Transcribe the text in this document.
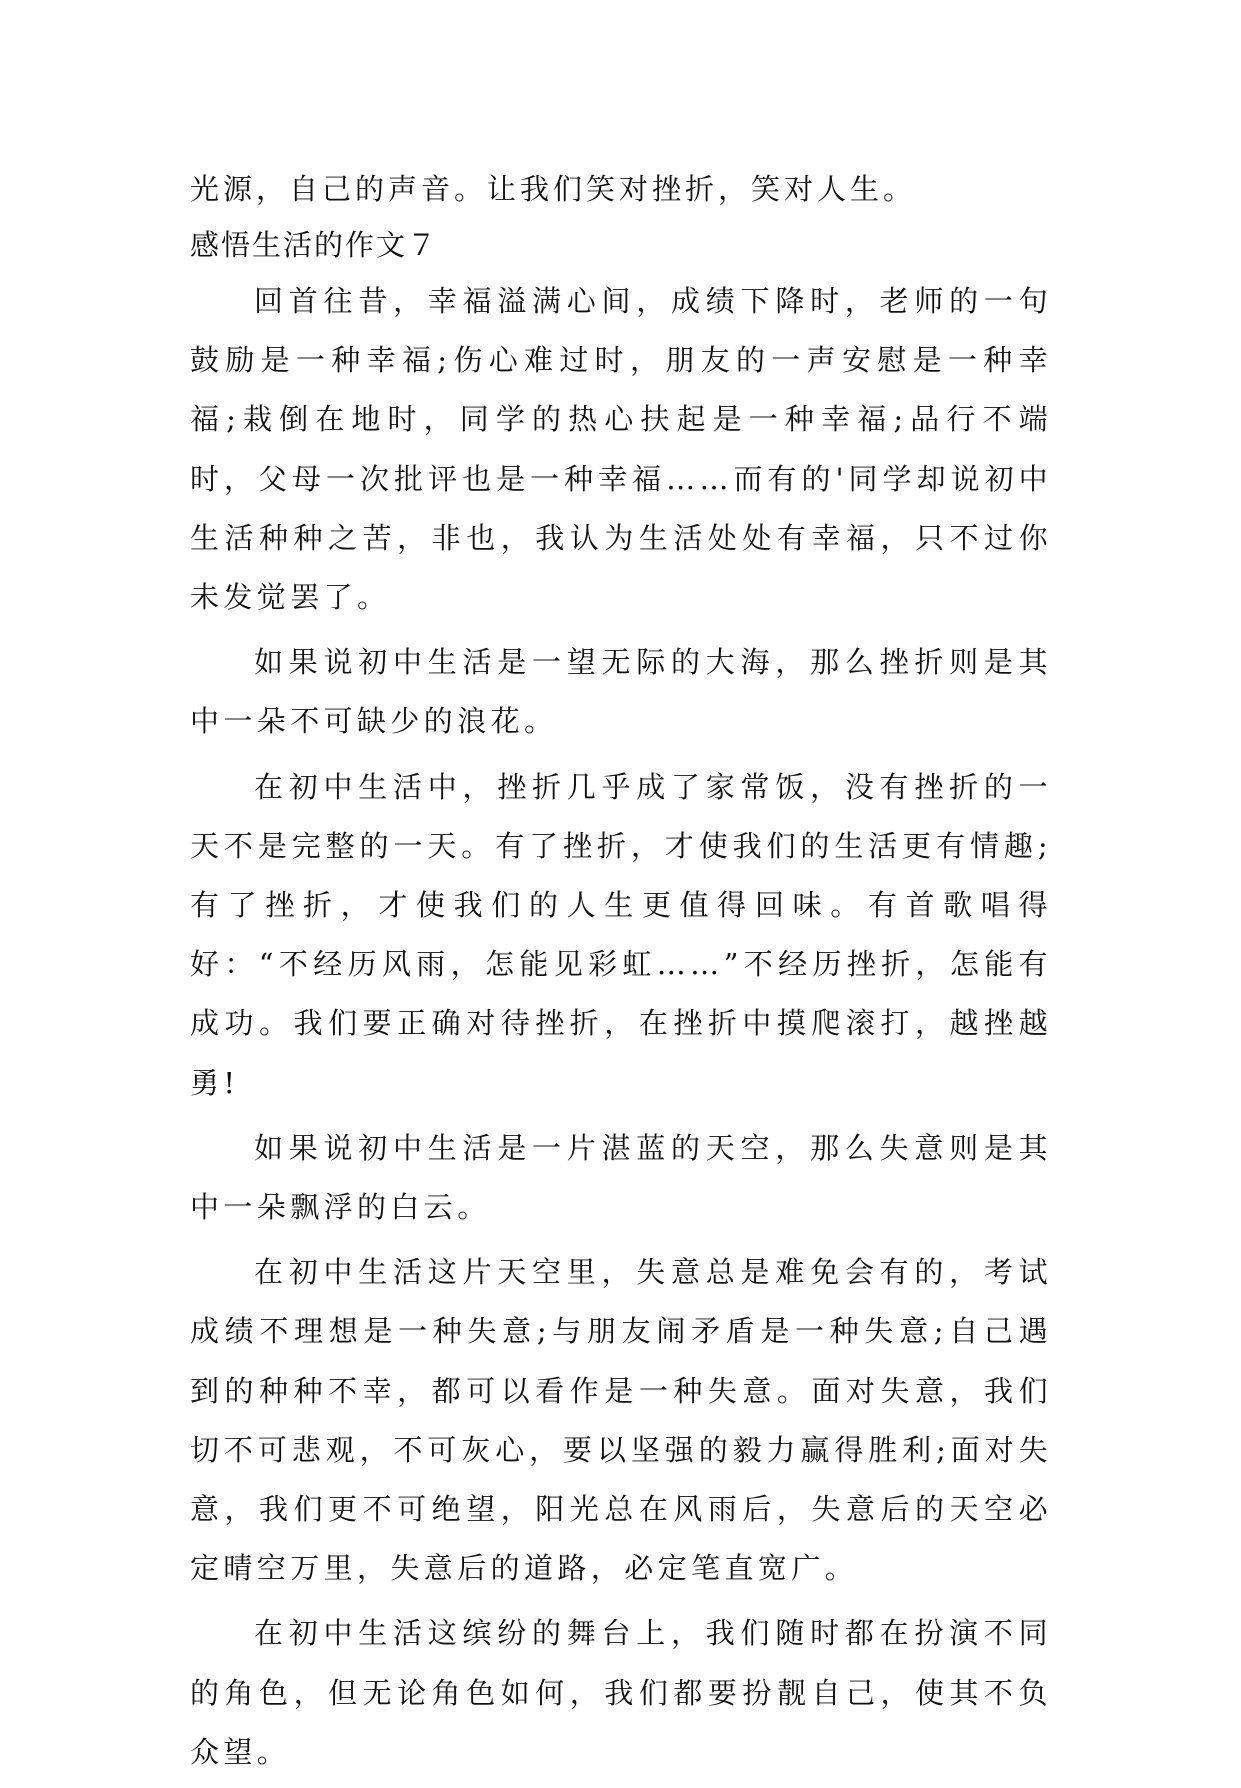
光源，自己的声音。让我们笑对挫折，笑对人生。
感悟生活的作文７

回首往昔，幸福溢满心间，成绩下降时，老师的一句鼓励是一种幸福;伤心难过时，朋友的一声安慰是一种幸福;栽倒在地时，同学的热心扶起是一种幸福;品行不端时，父母一次批评也是一种幸福……而有的'同学却说初中生活种种之苦，非也，我认为生活处处有幸福，只不过你未发觉罢了。

如果说初中生活是一望无际的大海，那么挫折则是其中一朵不可缺少的浪花。

在初中生活中，挫折几乎成了家常饭，没有挫折的一天不是完整的一天。有了挫折，才使我们的生活更有情趣;有了挫折，才使我们的人生更值得回味。有首歌唱得好：“不经历风雨，怎能见彩虹……”不经历挫折，怎能有成功。我们要正确对待挫折，在挫折中摸爬滚打，越挫越勇!

如果说初中生活是一片湛蓝的天空，那么失意则是其中一朵飘浮的白云。

在初中生活这片天空里，失意总是难免会有的，考试成绩不理想是一种失意;与朋友闹矛盾是一种失意;自己遇到的种种不幸，都可以看作是一种失意。面对失意，我们切不可悲观，不可灰心，要以坚强的毅力赢得胜利;面对失意，我们更不可绝望，阳光总在风雨后，失意后的天空必定晴空万里，失意后的道路，必定笔直宽广。

在初中生活这缤纷的舞台上，我们随时都在扮演不同的角色，但无论角色如何，我们都要扮靓自己，使其不负众望。
